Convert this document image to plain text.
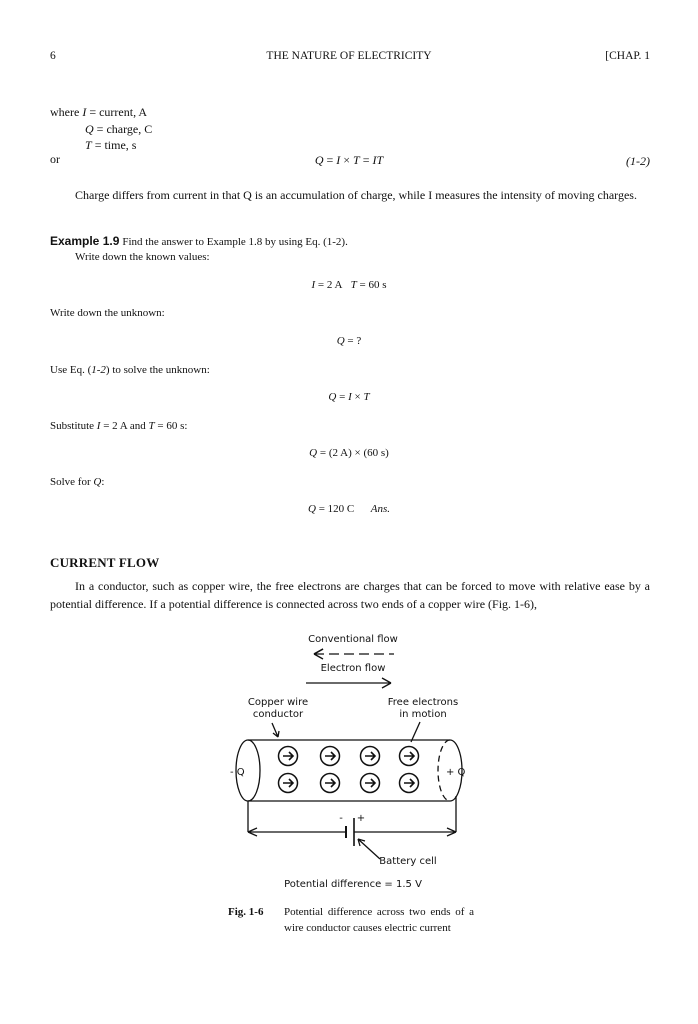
6	THE NATURE OF ELECTRICITY	[CHAP. 1
where I = current, A
Q = charge, C
T = time, s
or	Q = I × T = IT	(1-2)
Charge differs from current in that Q is an accumulation of charge, while I measures the intensity of moving charges.
Example 1.9 Find the answer to Example 1.8 by using Eq. (1-2).
Write down the known values:
I = 2 A T = 60 s
Write down the unknown:
Q = ?
Use Eq. (1-2) to solve the unknown:
Q = I × T
Substitute I = 2 A and T = 60 s:
Q = (2 A) × (60 s)
Solve for Q:
Q = 120 C Ans.
CURRENT FLOW
In a conductor, such as copper wire, the free electrons are charges that can be forced to move with relative ease by a potential difference. If a potential difference is connected across two ends of a copper wire (Fig. 1-6),
Conventional flow
Electron flow
Copper wire
conductor
Free electrons
in motion
- Q	+ Q
-	+
Battery cell
Potential difference = 1.5 V
Fig. 1-6 Potential difference across two ends of a wire conductor causes electric current
